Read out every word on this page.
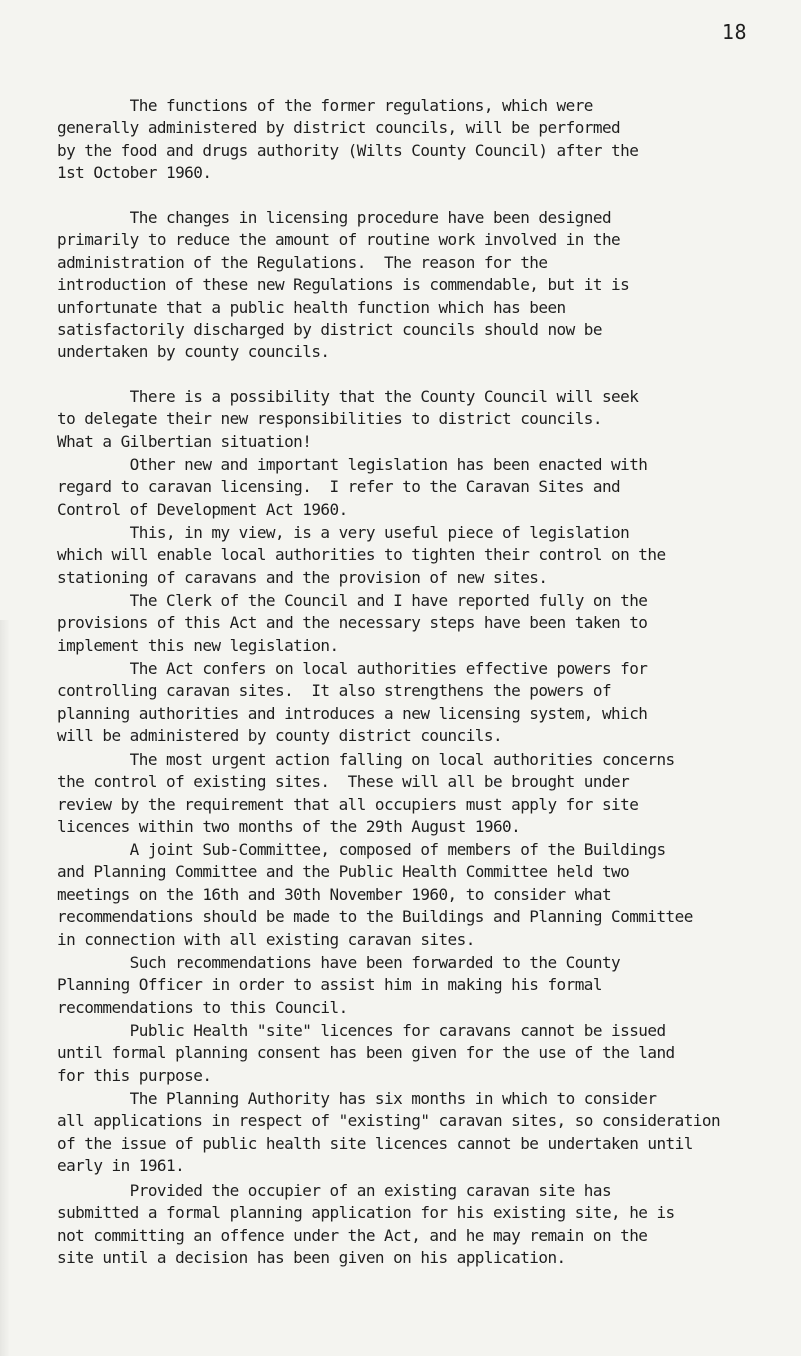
18

The functions of the former regulations, which were
generally administered by district councils, will be performed
by the food and drugs authority (Wilts County Council) after the
1st October 1960.

The changes in licensing procedure have been designed
primarily to reduce the amount of routine work involved in the
administration of the Regulations.  The reason for the
introduction of these new Regulations is commendable, but it is
unfortunate that a public health function which has been
satisfactorily discharged by district councils should now be
undertaken by county councils.

There is a possibility that the County Council will seek
to delegate their new responsibilities to district councils.
What a Gilbertian situation!

Other new and important legislation has been enacted with
regard to caravan licensing.  I refer to the Caravan Sites and
Control of Development Act 1960.

This, in my view, is a very useful piece of legislation
which will enable local authorities to tighten their control on the
stationing of caravans and the provision of new sites.

The Clerk of the Council and I have reported fully on the
provisions of this Act and the necessary steps have been taken to
implement this new legislation.

The Act confers on local authorities effective powers for
controlling caravan sites.  It also strengthens the powers of
planning authorities and introduces a new licensing system, which
will be administered by county district councils.

The most urgent action falling on local authorities concerns
the control of existing sites.  These will all be brought under
review by the requirement that all occupiers must apply for site
licences within two months of the 29th August 1960.

A joint Sub-Committee, composed of members of the Buildings
and Planning Committee and the Public Health Committee held two
meetings on the 16th and 30th November 1960, to consider what
recommendations should be made to the Buildings and Planning Committee
in connection with all existing caravan sites.

Such recommendations have been forwarded to the County
Planning Officer in order to assist him in making his formal
recommendations to this Council.

Public Health "site" licences for caravans cannot be issued
until formal planning consent has been given for the use of the land
for this purpose.

The Planning Authority has six months in which to consider
all applications in respect of "existing" caravan sites, so consideration
of the issue of public health site licences cannot be undertaken until
early in 1961.

Provided the occupier of an existing caravan site has
submitted a formal planning application for his existing site, he is
not committing an offence under the Act, and he may remain on the
site until a decision has been given on his application.
